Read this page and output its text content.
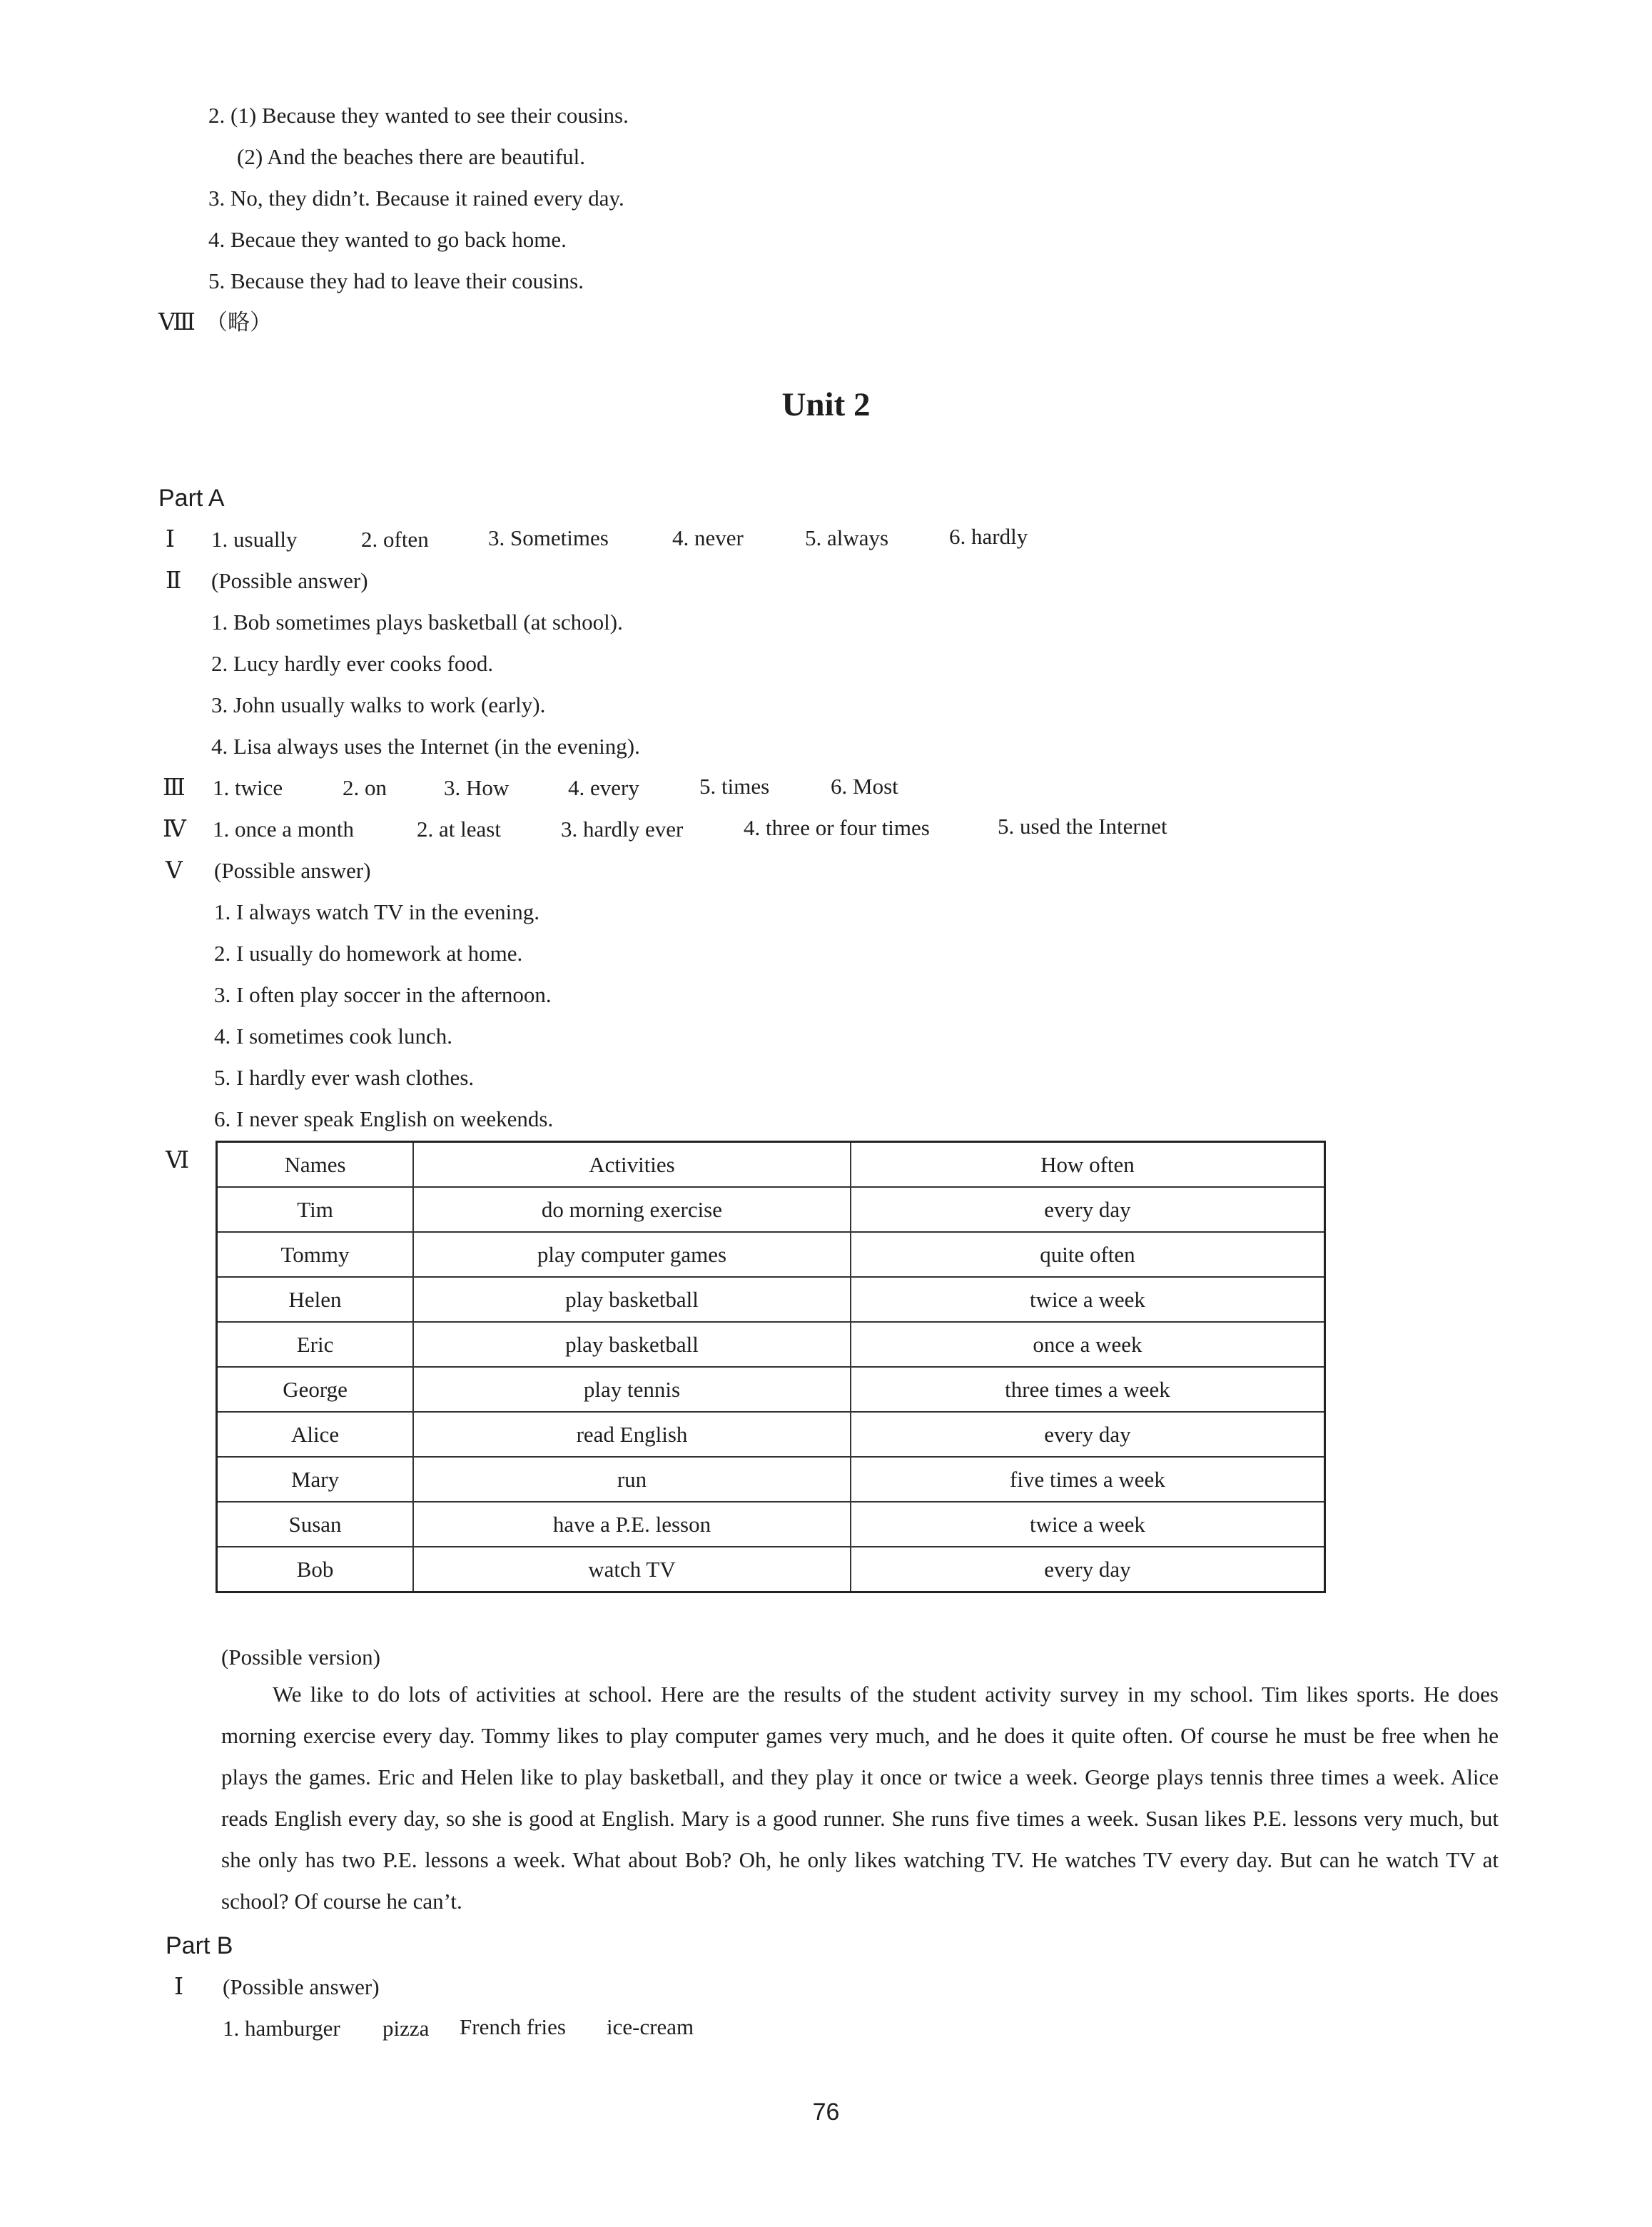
2. (1) Because they wanted to see their cousins.
(2) And the beaches there are beautiful.
3. No, they didn’t. Because it rained every day.
4. Becaue they wanted to go back home.
5. Because they had to leave their cousins.
Ⅷ （略）
Unit 2
Part A
Ⅰ 1. usually	2. often	3. Sometimes	4. never	5. always	6. hardly
Ⅱ (Possible answer)
1. Bob sometimes plays basketball (at school).
2. Lucy hardly ever cooks food.
3. John usually walks to work (early).
4. Lisa always uses the Internet (in the evening).
Ⅲ 1. twice	2. on	3. How	4. every	5. times	6. Most
Ⅳ 1. once a month	2. at least	3. hardly ever	4. three or four times	5. used the Internet
Ⅴ (Possible answer)
1. I always watch TV in the evening.
2. I usually do homework at home.
3. I often play soccer in the afternoon.
4. I sometimes cook lunch.
5. I hardly ever wash clothes.
6. I never speak English on weekends.
Ⅵ	Names	Activities	How often
Tim	do morning exercise	every day
Tommy	play computer games	quite often
Helen	play basketball	twice a week
Eric	play basketball	once a week
George	play tennis	three times a week
Alice	read English	every day
Mary	run	five times a week
Susan	have a P.E. lesson	twice a week
Bob	watch TV	every day
(Possible version)

We like to do lots of activities at school. Here are the results of the student activity survey in my school. Tim likes sports. He does morning exercise every day. Tommy likes to play computer games very much, and he does it quite often. Of course he must be free when he plays the games. Eric and Helen like to play basketball, and they play it once or twice a week. George plays tennis three times a week. Alice reads English every day, so she is good at English. Mary is a good runner. She runs five times a week. Susan likes P.E. lessons very much, but she only has two P.E. lessons a week. What about Bob? Oh, he only likes watching TV. He watches TV every day. But can he watch TV at school? Of course he can’t.

Part B
Ⅰ (Possible answer)
1. hamburger pizza French fries ice-cream
76
